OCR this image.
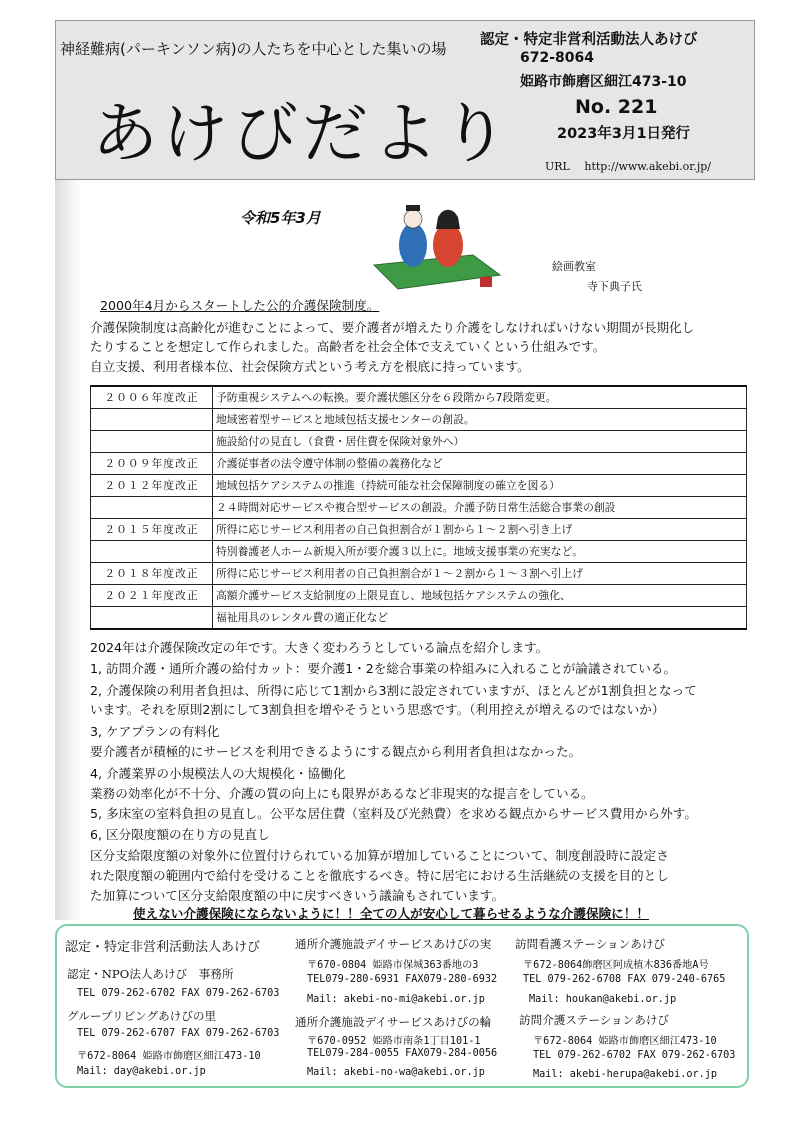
神経難病(パーキンソン病)の人たちを中心とした集いの場
あけびだより
認定・特定非営利活動法人あけび
672-8064
姫路市飾磨区細江473-10
No. 221
2023年3月1日発行
URL　 http://www.akebi.or.jp/
令和5年3月
絵画教室
寺下典子氏
2000年4月からスタートした公的介護保険制度。
介護保険制度は高齢化が進むことによって、要介護者が増えたり介護をしなければいけない期間が長期化し
たりすることを想定して作られました。高齢者を社会全体で支えていくという仕組みです。
自立支援、利用者様本位、社会保険方式という考え方を根底に持っています。
２００６年度改正	予防重視システムへの転換。要介護状態区分を６段階から7段階変更。
	地域密着型サービスと地域包括支援センターの創設。
	施設給付の見直し（食費・居住費を保険対象外へ）
２００９年度改正	介護従事者の法令遵守体制の整備の義務化など
２０１２年度改正	地域包括ケアシステムの推進（持続可能な社会保障制度の確立を図る）
	２４時間対応サービスや複合型サービスの創設。介護予防日常生活総合事業の創設
２０１５年度改正	所得に応じサービス利用者の自己負担割合が１割から１～２割へ引き上げ
	特別養護老人ホーム新規入所が要介護３以上に。地域支援事業の充実など。
２０１８年度改正	所得に応じサービス利用者の自己負担割合が１～２割から１～３割へ引上げ
２０２１年度改正	高額介護サービス支給制度の上限見直し、地域包括ケアシステムの強化、
	福祉用具のレンタル費の適正化など
2024年は介護保険改定の年です。大きく変わろうとしている論点を紹介します。
1, 訪問介護・通所介護の給付カット：要介護1・2を総合事業の枠組みに入れることが論議されている。
2, 介護保険の利用者負担は、所得に応じて1割から3割に設定されていますが、ほとんどが1割負担となって
います。それを原則2割にして3割負担を増やそうという思惑です。（利用控えが増えるのではないか）
3, ケアプランの有料化
要介護者が積極的にサービスを利用できるようにする観点から利用者負担はなかった。
4, 介護業界の小規模法人の大規模化・協働化
業務の効率化が不十分、介護の質の向上にも限界があるなど非現実的な提言をしている。
5, 多床室の室料負担の見直し。公平な居住費（室料及び光熱費）を求める観点からサービス費用から外す。
6, 区分限度額の在り方の見直し
区分支給限度額の対象外に位置付けられている加算が増加していることについて、制度創設時に設定さ
れた限度額の範囲内で給付を受けることを徹底するべき。特に居宅における生活継続の支援を目的とし
た加算について区分支給限度額の中に戻すべきいう議論もされています。
使えない介護保険にならないように！！全ての人が安心して暮らせるような介護保険に！！
認定・特定非営利活動法人あけび
認定・NPO法人あけび　事務所
TEL 079-262-6702 FAX 079-262-6703
グループリビングあけびの里
TEL 079-262-6707 FAX 079-262-6703
〒672-8064 姫路市飾磨区細江473-10
Mail: day@akebi.or.jp
通所介護施設デイサービスあけびの実
〒670-0804 姫路市保城363番地の3
TEL079-280-6931 FAX079-280-6932
Mail: akebi-no-mi@akebi.or.jp
通所介護施設デイサービスあけびの輪
〒670-0952 姫路市南条1丁目101-1
TEL079-284-0055 FAX079-284-0056
Mail: akebi-no-wa@akebi.or.jp
訪問看護ステーションあけび
〒672-8064飾磨区阿成植木836番地A号
TEL 079-262-6708 FAX 079-240-6765
Mail: houkan@akebi.or.jp
訪問介護ステーションあけび
〒672-8064 姫路市飾磨区細江473-10
TEL 079-262-6702 FAX 079-262-6703
Mail: akebi-herupa@akebi.or.jp
